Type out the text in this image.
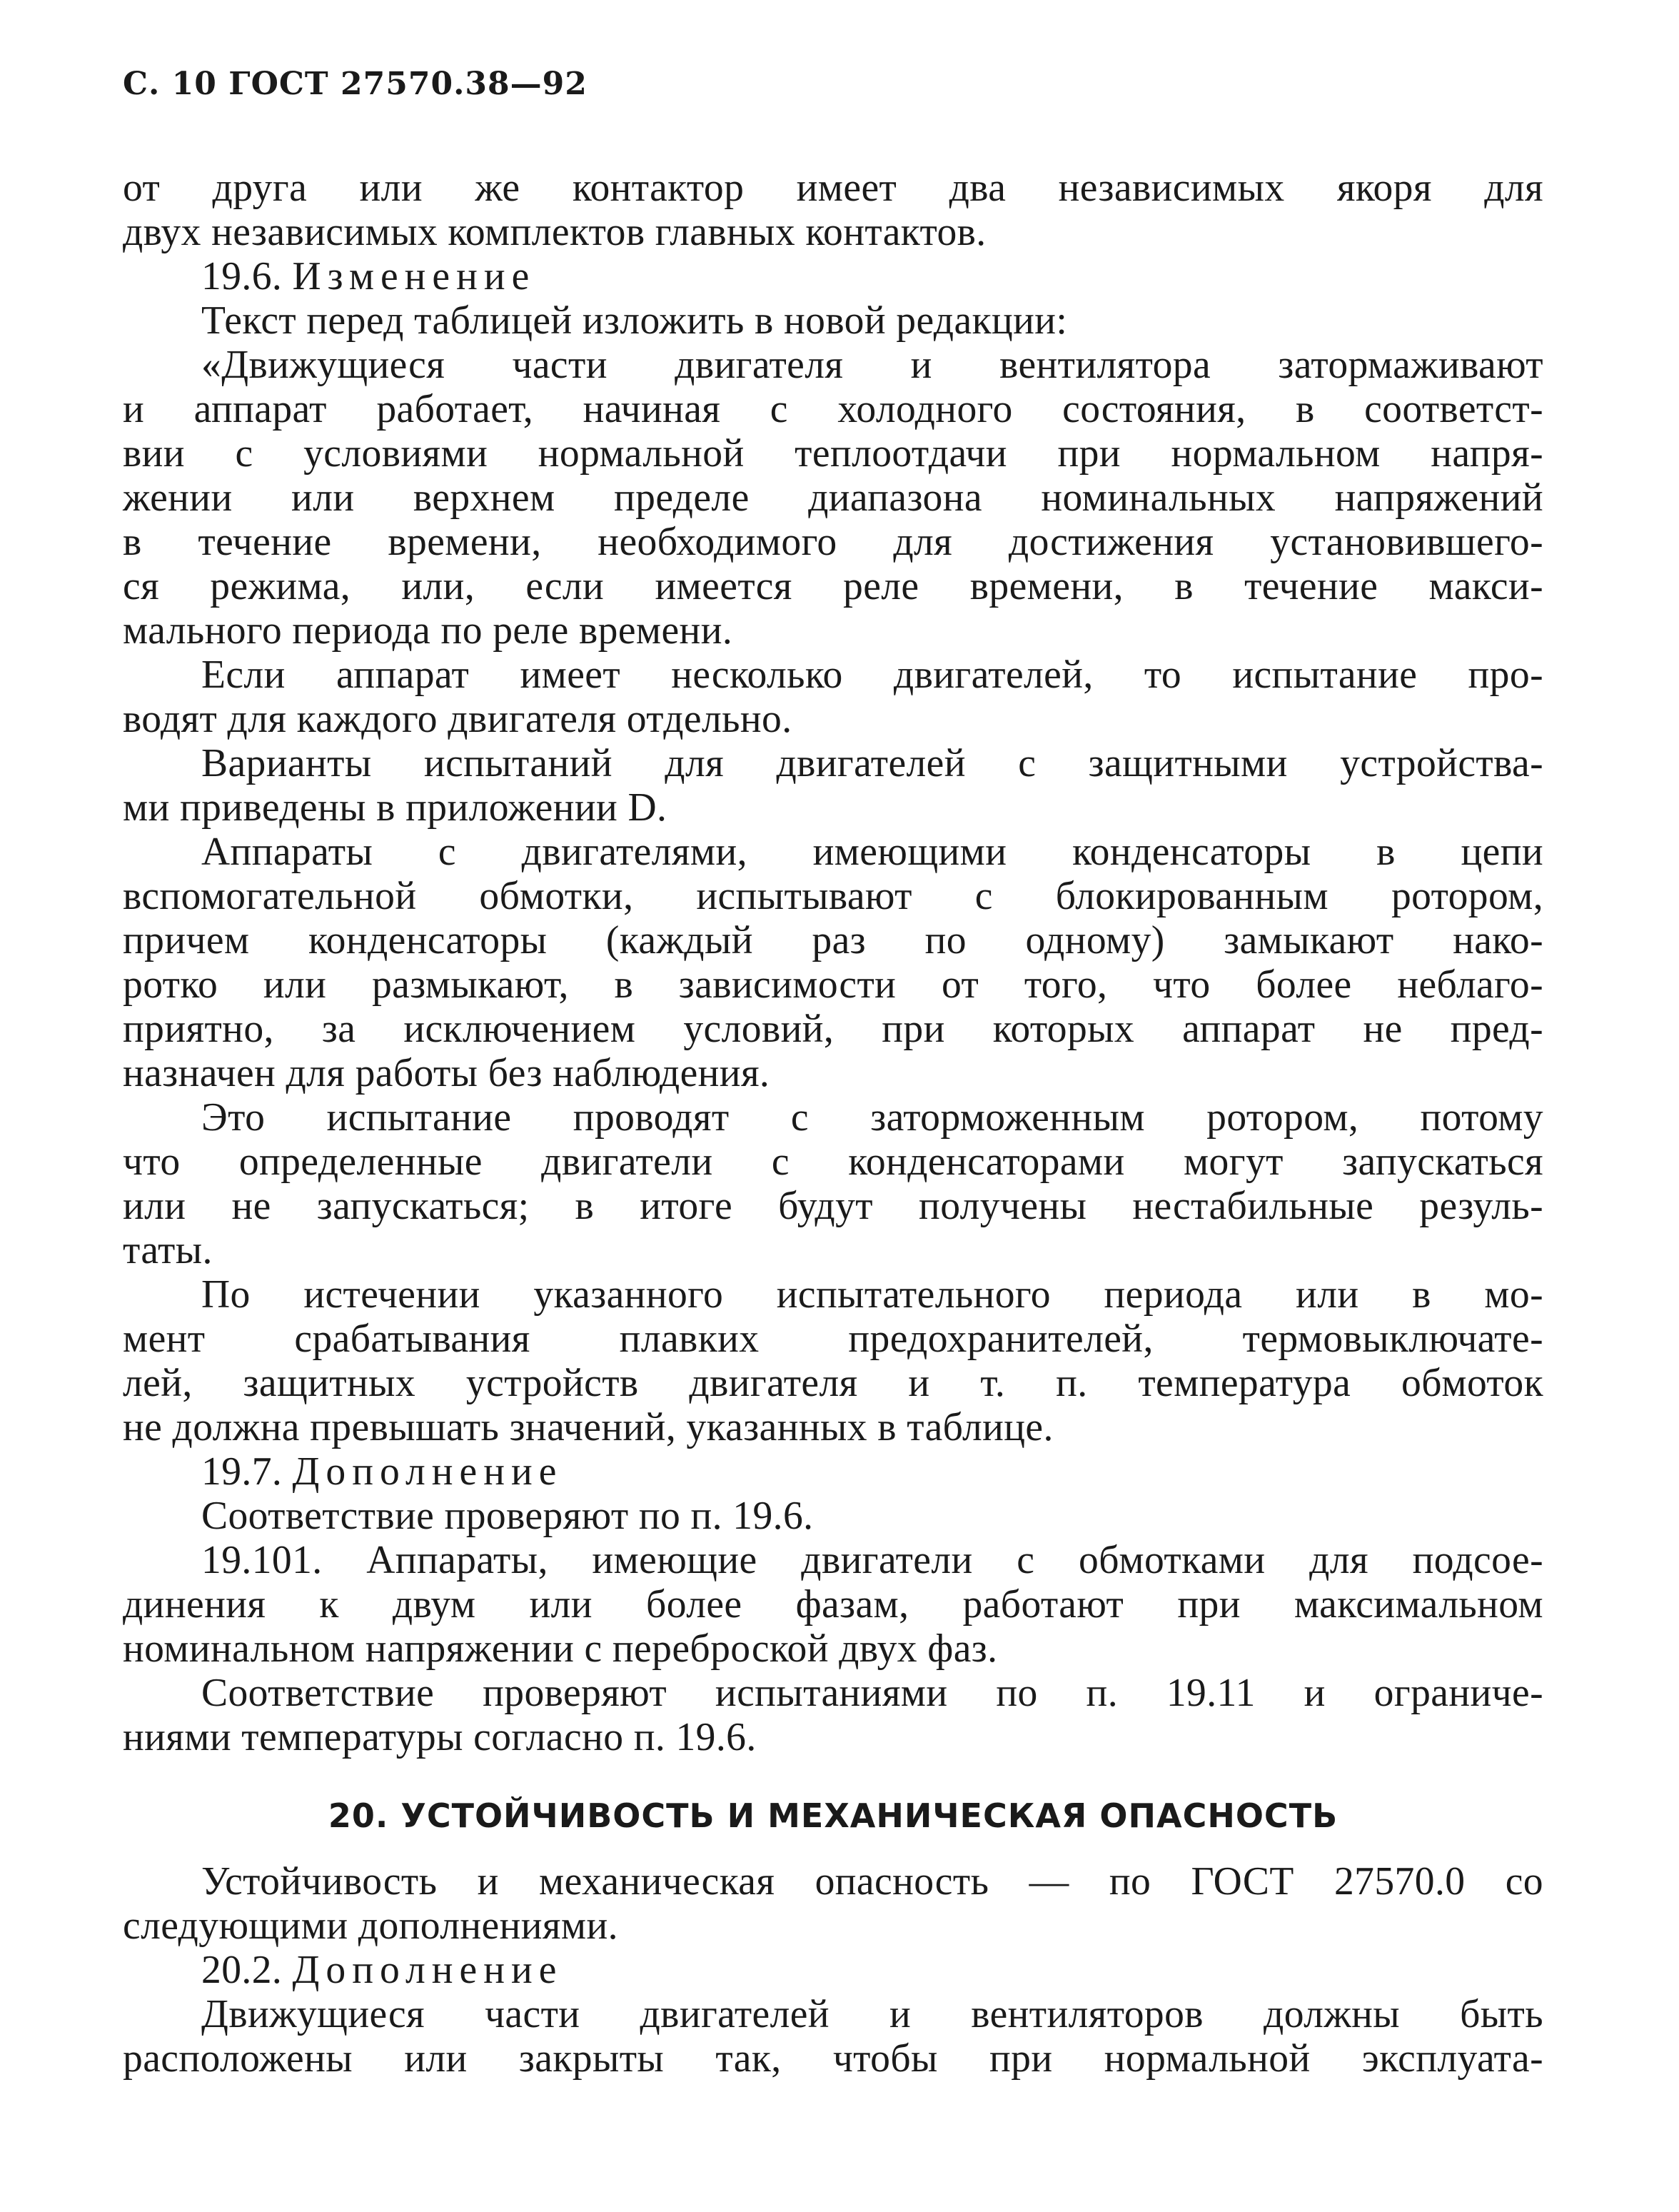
С. 10 ГОСТ 27570.38—92

от друга или же контактор имеет два независимых якоря для
двух независимых комплектов главных контактов.

19.6. Изменение

Текст перед таблицей изложить в новой редакции:

«Движущиеся части двигателя и вентилятора затормаживают
и аппарат работает, начиная с холодного состояния, в соответст-
вии с условиями нормальной теплоотдачи при нормальном напря-
жении или верхнем пределе диапазона номинальных напряжений
в течение времени, необходимого для достижения установившего-
ся режима, или, если имеется реле времени, в течение макси-
мального периода по реле времени.

Если аппарат имеет несколько двигателей, то испытание про-
водят для каждого двигателя отдельно.

Варианты испытаний для двигателей с защитными устройства-
ми приведены в приложении D.

Аппараты с двигателями, имеющими конденсаторы в цепи
вспомогательной обмотки, испытывают с блокированным ротором,
причем конденсаторы (каждый раз по одному) замыкают нако-
ротко или размыкают, в зависимости от того, что более неблаго-
приятно, за исключением условий, при которых аппарат не пред-
назначен для работы без наблюдения.

Это испытание проводят с заторможенным ротором, потому
что определенные двигатели с конденсаторами могут запускаться
или не запускаться; в итоге будут получены нестабильные резуль-
таты.

По истечении указанного испытательного периода или в мо-
мент срабатывания плавких предохранителей, термовыключате-
лей, защитных устройств двигателя и т. п. температура обмоток
не должна превышать значений, указанных в таблице.

19.7. Дополнение

Соответствие проверяют по п. 19.6.

19.101. Аппараты, имеющие двигатели с обмотками для подсое-
динения к двум или более фазам, работают при максимальном
номинальном напряжении с переброской двух фаз.

Соответствие проверяют испытаниями по п. 19.11 и ограниче-
ниями температуры согласно п. 19.6.

20. УСТОЙЧИВОСТЬ И МЕХАНИЧЕСКАЯ ОПАСНОСТЬ

Устойчивость и механическая опасность — по ГОСТ 27570.0 со
следующими дополнениями.

20.2. Дополнение

Движущиеся части двигателей и вентиляторов должны быть
расположены или закрыты так, чтобы при нормальной эксплуата-
